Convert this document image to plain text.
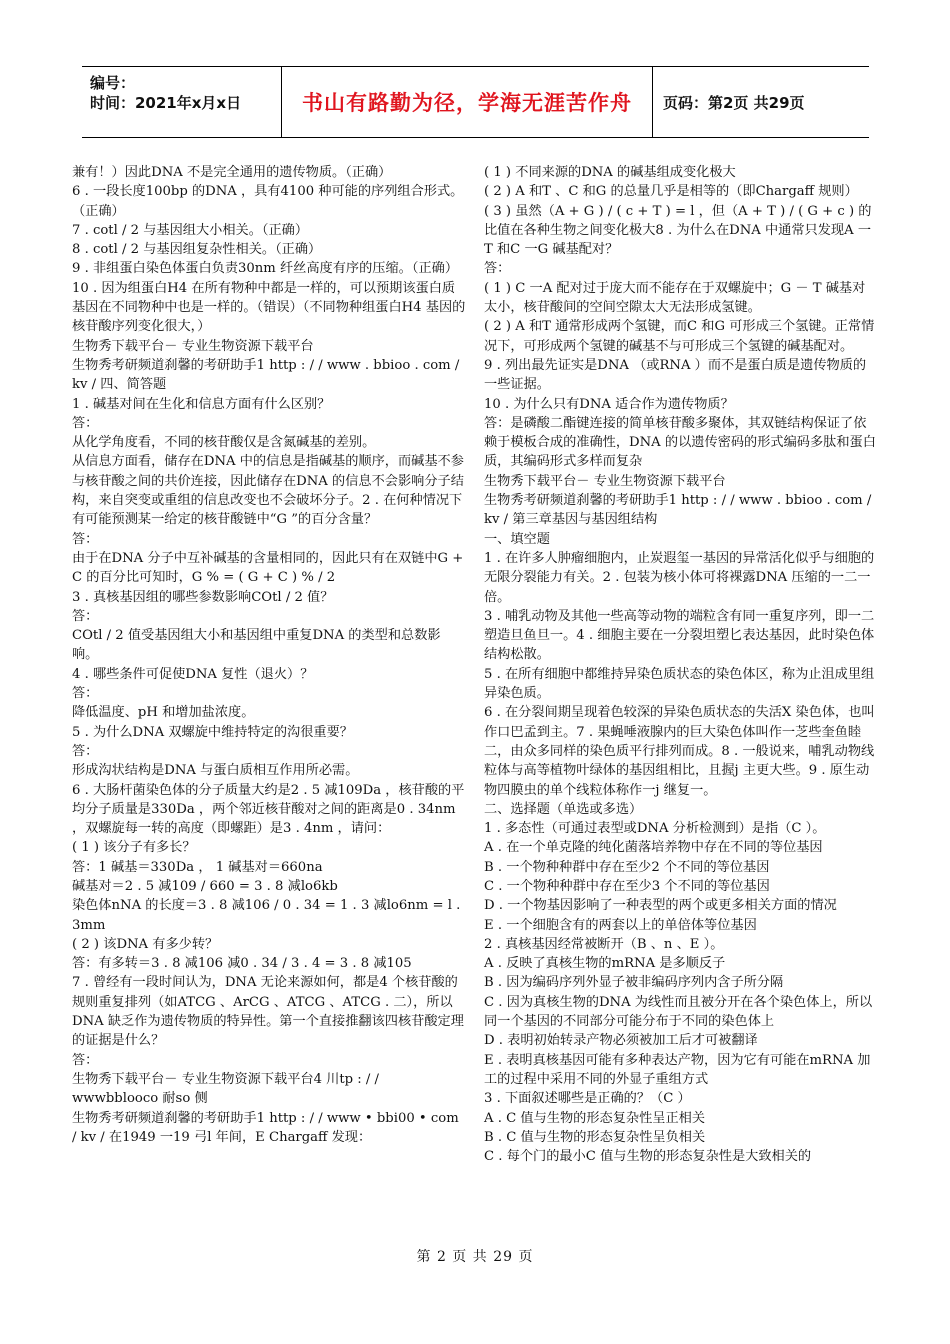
编号：
时间：2021年x月x日	书山有路勤为径，学海无涯苦作舟	页码：第2页 共29页

兼有！）因此DNA 不是完全通用的遗传物质。（正确）

6 . 一段长度100bp 的DNA ，具有4100 种可能的序列组合形式。（正确）

7 . cotl / 2 与基因组大小相关。（正确）

8 . cotl / 2 与基因组复杂性相关。（正确）

9 . 非组蛋白染色体蛋白负责30nm 纤丝高度有序的压缩。（正确）

10 . 因为组蛋白H4 在所有物种中都是一样的，可以预期该蛋白质基因在不同物种中也是一样的。（错误）（不同物种组蛋白H4 基因的核苷酸序列变化很大，）

生物秀下载平台－ 专业生物资源下载平台

生物秀考研频道刹馨的考研助手1 http : / / www . bbioo . com / kv / 四、简答题

1 . 碱基对间在生化和信息方面有什么区别？

答：

从化学角度看，不同的核苷酸仅是含氮碱基的差别。

从信息方面看，储存在DNA 中的信息是指碱基的顺序，而碱基不参与核苷酸之间的共价连接，因此储存在DNA 的信息不会影响分子结构，来自突变或重组的信息改变也不会破坏分子。2 . 在何种情况下有可能预测某一给定的核苷酸链中“G ”的百分含量？

答：

由于在DNA 分子中互补碱基的含量相同的，因此只有在双链中G + C 的百分比可知时，G % = ( G + C ) % / 2

3 . 真核基因组的哪些参数影响COtl / 2 值？

答：

COtl / 2 值受基因组大小和基因组中重复DNA 的类型和总数影响。

4 . 哪些条件可促使DNA 复性（退火）？

答：

降低温度、pH 和增加盐浓度。

5 . 为什么DNA 双螺旋中维持特定的沟很重要？

答：

形成沟状结构是DNA 与蛋白质相互作用所必需。

6 . 大肠杆菌染色体的分子质量大约是2 . 5 减109Da ，核苷酸的平均分子质量是330Da ，两个邻近核苷酸对之间的距离是0 . 34nm ，双螺旋每一转的高度（即螺距）是3 . 4nm ，请问：

( 1 ) 该分子有多长？

答：1 碱基＝330Da ， 1 碱基对＝660na

碱基对＝2 . 5 减109 / 660 = 3 . 8 减lo6kb

染色体nNA 的长度＝3 . 8 减106 / 0 . 34 = 1 . 3 减lo6nm = l . 3mm

( 2 ) 该DNA 有多少转？

答：有多转＝3 . 8 减106 减0 . 34 / 3 . 4 = 3 . 8 减105

7 . 曾经有一段时间认为，DNA 无论来源如何，都是4 个核苷酸的规则重复排列（如ATCG 、ArCG 、ATCG 、ATCG . 二），所以DNA 缺乏作为遗传物质的特异性。第一个直接推翻该四核苷酸定理的证据是什么？

答：

生物秀下载平台－ 专业生物资源下载平台4 川tp : / / wwwbblooco 耐so 侧

生物秀考研频道刹馨的考研助手1 http : / / www • bbi00 • com / kv / 在1949 一19 弓l 年间，E Chargaff 发现：

( 1 ) 不同来源的DNA 的碱基组成变化极大

( 2 ) A 和T 、C 和G 的总量几乎是相等的（即Chargaff 规则）

( 3 ) 虽然（A + G ) / ( c + T ) = l ，但（A + T ) / ( G + c ) 的比值在各种生物之间变化极大8 . 为什么在DNA 中通常只发现A 一T 和C 一G 碱基配对？

答：

( 1 ) C 一A 配对过于庞大而不能存在于双螺旋中；G － T 碱基对太小，核苷酸间的空间空隙太大无法形成氢键。

( 2 ) A 和T 通常形成两个氢键，而C 和G 可形成三个氢键。正常情况下，可形成两个氢键的碱基不与可形成三个氢键的碱基配对。

9 . 列出最先证实是DNA （或RNA ）而不是蛋白质是遗传物质的一些证据。

10 . 为什么只有DNA 适合作为遗传物质？

答：是磷酸二酯键连接的简单核苷酸多聚体，其双链结构保证了依赖于模板合成的准确性，DNA 的以遗传密码的形式编码多肽和蛋白质，其编码形式多样而复杂

生物秀下载平台－ 专业生物资源下载平台

生物秀考研频道刹馨的考研助手1 http : / / www . bbioo . com / kv / 第三章基因与基因组结构

一、填空题

1 . 在许多人肿瘤细胞内，止炭遐玺一基因的异常活化似乎与细胞的无限分裂能力有关。2 . 包装为核小体可将裸露DNA 压缩的一二一倍。

3 . 哺乳动物及其他一些高等动物的端粒含有同一重复序列，即一二塑造旦鱼旦一。4 . 细胞主要在一分裂坦塑匕表达基因，此时染色体结构松散。

5 . 在所有细胞中都维持异染色质状态的染色体区，称为止沮成里组异染色质。

6 . 在分裂间期呈现着色较深的异染色质状态的失活X 染色体，也叫作口巴孟到主。7 . 果蝇唾液腺内的巨大染色体叫作一芝些奎鱼睦二，由众多同样的染色质平行排列而成。8 . 一般说来，哺乳动物线粒体与高等植物叶绿体的基因组相比，且握j 主更大些。9 . 原生动物四膜虫的单个线粒体称作一j 继复一。

二、选择题（单选或多选）

1 . 多态性（可通过表型或DNA 分析检测到）是指（C ）。

A . 在一个单克隆的纯化菌落培养物中存在不同的等位基因

B . 一个物种种群中存在至少2 个不同的等位基因

C . 一个物种种群中存在至少3 个不同的等位基因

D . 一个物基因影响了一种表型的两个或更多相关方面的情况

E . 一个细胞含有的两套以上的单倍体等位基因

2 . 真核基因经常被断开（B 、n 、E ）。

A . 反映了真核生物的mRNA 是多顺反子

B . 因为编码序列外显子被非编码序列内含子所分隔

C . 因为真核生物的DNA 为线性而且被分开在各个染色体上，所以同一个基因的不同部分可能分布于不同的染色体上

D . 表明初始转录产物必须被加工后才可被翻译

E . 表明真核基因可能有多种表达产物，因为它有可能在mRNA 加工的过程中采用不同的外显子重组方式

3 . 下面叙述哪些是正确的？（C ）

A . C 值与生物的形态复杂性呈正相关

B . C 值与生物的形态复杂性呈负相关

C . 每个门的最小C 值与生物的形态复杂性是大致相关的

第 2 页 共 29 页
